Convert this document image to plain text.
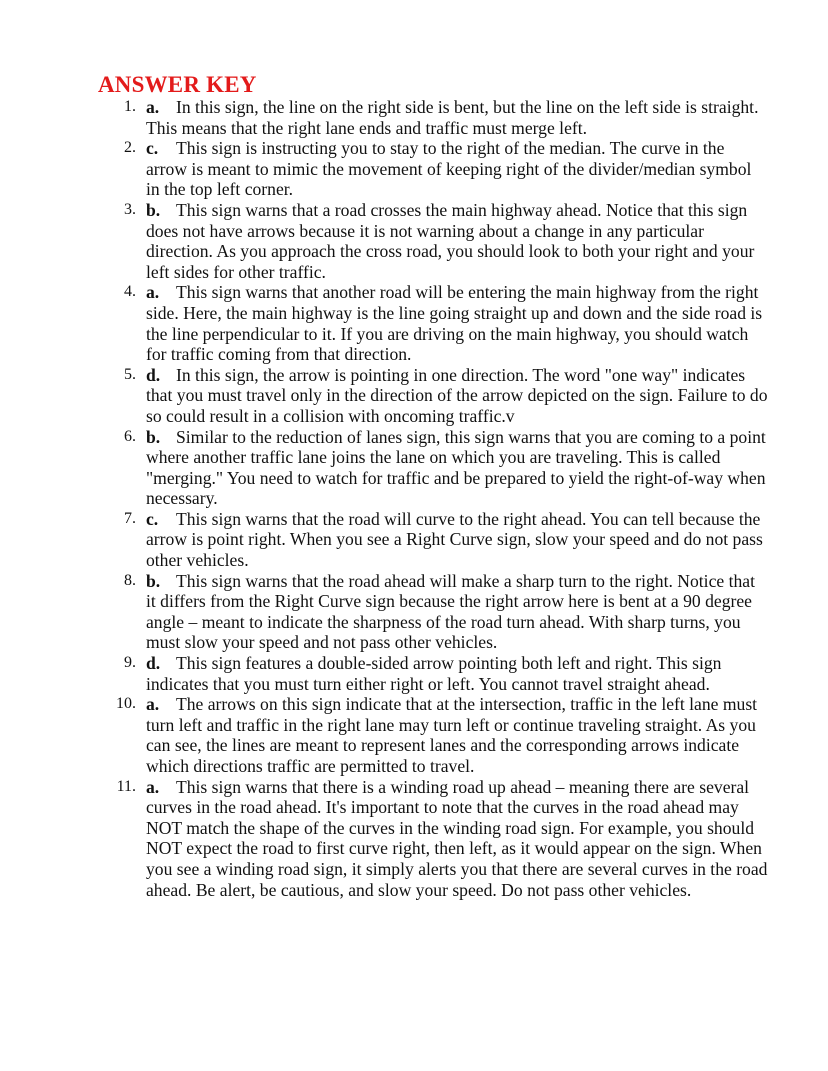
ANSWER KEY
1. a. In this sign, the line on the right side is bent, but the line on the left side is straight. This means that the right lane ends and traffic must merge left.
2. c.	This sign is instructing you to stay to the right of the median. The curve in the arrow is meant to mimic the movement of keeping right of the divider/median symbol in the top left corner.
3. b. This sign warns that a road crosses the main highway ahead. Notice that this sign does not have arrows because it is not warning about a change in any particular direction. As you approach the cross road, you should look to both your right and your left sides for other traffic.
4. a. This sign warns that another road will be entering the main highway from the right side. Here, the main highway is the line going straight up and down and the side road is the line perpendicular to it. If you are driving on the main highway, you should watch for traffic coming from that direction.
5. d. In this sign, the arrow is pointing in one direction. The word "one way" indicates that you must travel only in the direction of the arrow depicted on the sign. Failure to do so could result in a collision with oncoming traffic.v
6. b. Similar to the reduction of lanes sign, this sign warns that you are coming to a point where another traffic lane joins the lane on which you are traveling. This is called "merging." You need to watch for traffic and be prepared to yield the right-of-way when necessary.
7. c.	This sign warns that the road will curve to the right ahead. You can tell because the arrow is point right. When you see a Right Curve sign, slow your speed and do not pass other vehicles.
8. b. This sign warns that the road ahead will make a sharp turn to the right. Notice that it differs from the Right Curve sign because the right arrow here is bent at a 90 degree angle – meant to indicate the sharpness of the road turn ahead. With sharp turns, you must slow your speed and not pass other vehicles.
9. d. This sign features a double-sided arrow pointing both left and right. This sign indicates that you must turn either right or left. You cannot travel straight ahead.
10. a. The arrows on this sign indicate that at the intersection, traffic in the left lane must turn left and traffic in the right lane may turn left or continue traveling straight. As you can see, the lines are meant to represent lanes and the corresponding arrows indicate which directions traffic are permitted to travel.
11. a. This sign warns that there is a winding road up ahead – meaning there are several curves in the road ahead. It's important to note that the curves in the road ahead may NOT match the shape of the curves in the winding road sign. For example, you should NOT expect the road to first curve right, then left, as it would appear on the sign. When you see a winding road sign, it simply alerts you that there are several curves in the road ahead. Be alert, be cautious, and slow your speed. Do not pass other vehicles.
